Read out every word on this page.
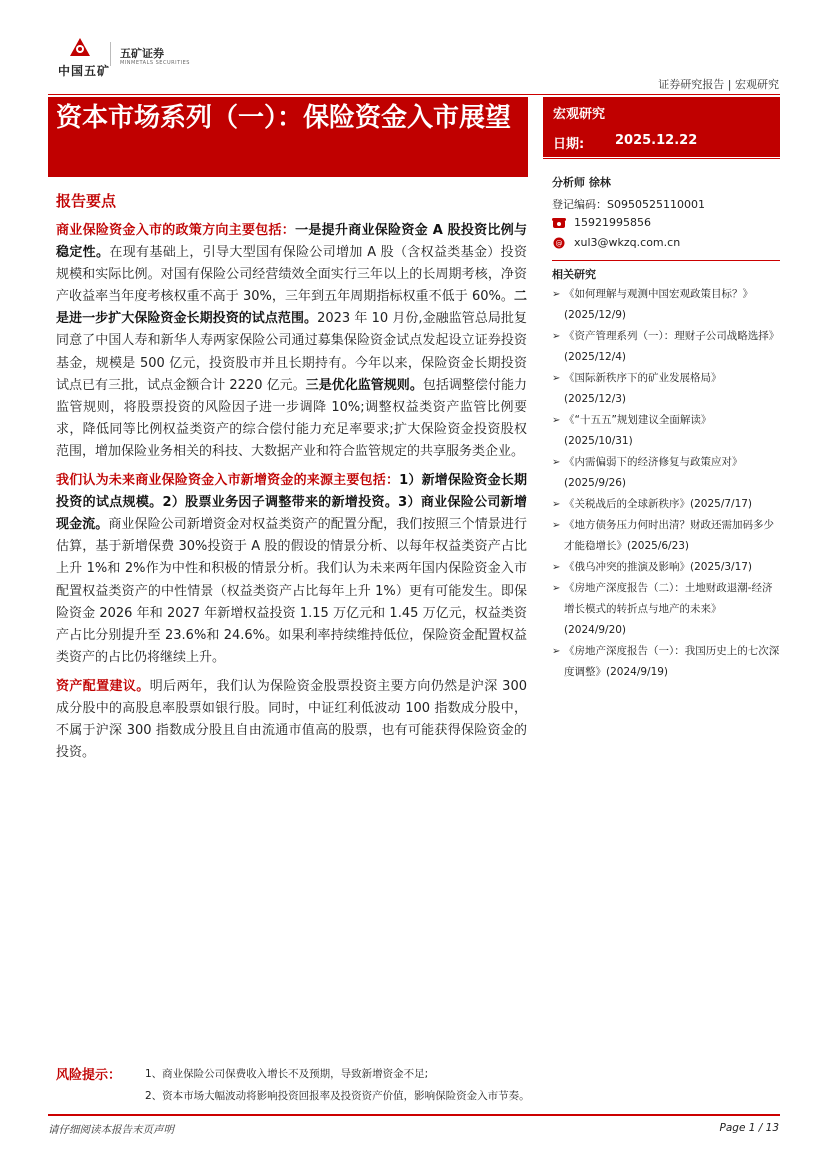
中国五矿
五矿证券
MINMETALS SECURITIES
证券研究报告 | 宏观研究
资本市场系列（一）：保险资金入市展望	宏观研究
日期: 2025.12.22
分析师 徐林
登记编码：S0950525110001
15921995856
@ xul3@wkzq.com.cn
相关研究
➢ 《如何理解与观测中国宏观政策目标？》(2025/12/9)
➢ 《资产管理系列（一）：理财子公司战略选择》(2025/12/4)
➢ 《国际新秩序下的矿业发展格局》(2025/12/3)
➢ 《“十五五”规划建议全面解读》(2025/10/31)
➢ 《内需偏弱下的经济修复与政策应对》(2025/9/26)
➢ 《关税战后的全球新秩序》(2025/7/17)
➢ 《地方债务压力何时出清？财政还需加码多少才能稳增长》(2025/6/23)
➢ 《俄乌冲突的推演及影响》(2025/3/17)
➢ 《房地产深度报告（二）：土地财政退潮-经济增长模式的转折点与地产的未来》(2024/9/20)
➢ 《房地产深度报告（一）：我国历史上的七次深度调整》(2024/9/19)
报告要点

商业保险资金入市的政策方向主要包括：一是提升商业保险资金 A 股投资比例与稳定性。在现有基础上，引导大型国有保险公司增加 A 股（含权益类基金）投资规模和实际比例。对国有保险公司经营绩效全面实行三年以上的长周期考核，净资产收益率当年度考核权重不高于 30%，三年到五年周期指标权重不低于 60%。二是进一步扩大保险资金长期投资的试点范围。2023 年 10 月份,金融监管总局批复同意了中国人寿和新华人寿两家保险公司通过募集保险资金试点发起设立证券投资基金，规模是 500 亿元，投资股市并且长期持有。今年以来，保险资金长期投资试点已有三批，试点金额合计 2220 亿元。三是优化监管规则。包括调整偿付能力监管规则，将股票投资的风险因子进一步调降 10%;调整权益类资产监管比例要求，降低同等比例权益类资产的综合偿付能力充足率要求;扩大保险资金投资股权范围，增加保险业务相关的科技、大数据产业和符合监管规定的共享服务类企业。

我们认为未来商业保险资金入市新增资金的来源主要包括：1）新增保险资金长期投资的试点规模。2）股票业务因子调整带来的新增投资。3）商业保险公司新增现金流。商业保险公司新增资金对权益类资产的配置分配，我们按照三个情景进行估算，基于新增保费 30%投资于 A 股的假设的情景分析、以每年权益类资产占比上升 1%和 2%作为中性和积极的情景分析。我们认为未来两年国内保险资金入市配置权益类资产的中性情景（权益类资产占比每年上升 1%）更有可能发生。即保险资金 2026 年和 2027 年新增权益投资 1.15 万亿元和 1.45 万亿元，权益类资产占比分别提升至 23.6%和 24.6%。如果利率持续维持低位，保险资金配置权益类资产的占比仍将继续上升。

资产配置建议。明后两年，我们认为保险资金股票投资主要方向仍然是沪深 300 成分股中的高股息率股票如银行股。同时，中证红利低波动 100 指数成分股中，不属于沪深 300 指数成分股且自由流通市值高的股票，也有可能获得保险资金的投资。

风险提示： 1、商业保险公司保费收入增长不及预期，导致新增资金不足;
2、资本市场大幅波动将影响投资回报率及投资资产价值，影响保险资金入市节奏。
请仔细阅读本报告末页声明	Page 1 / 13
